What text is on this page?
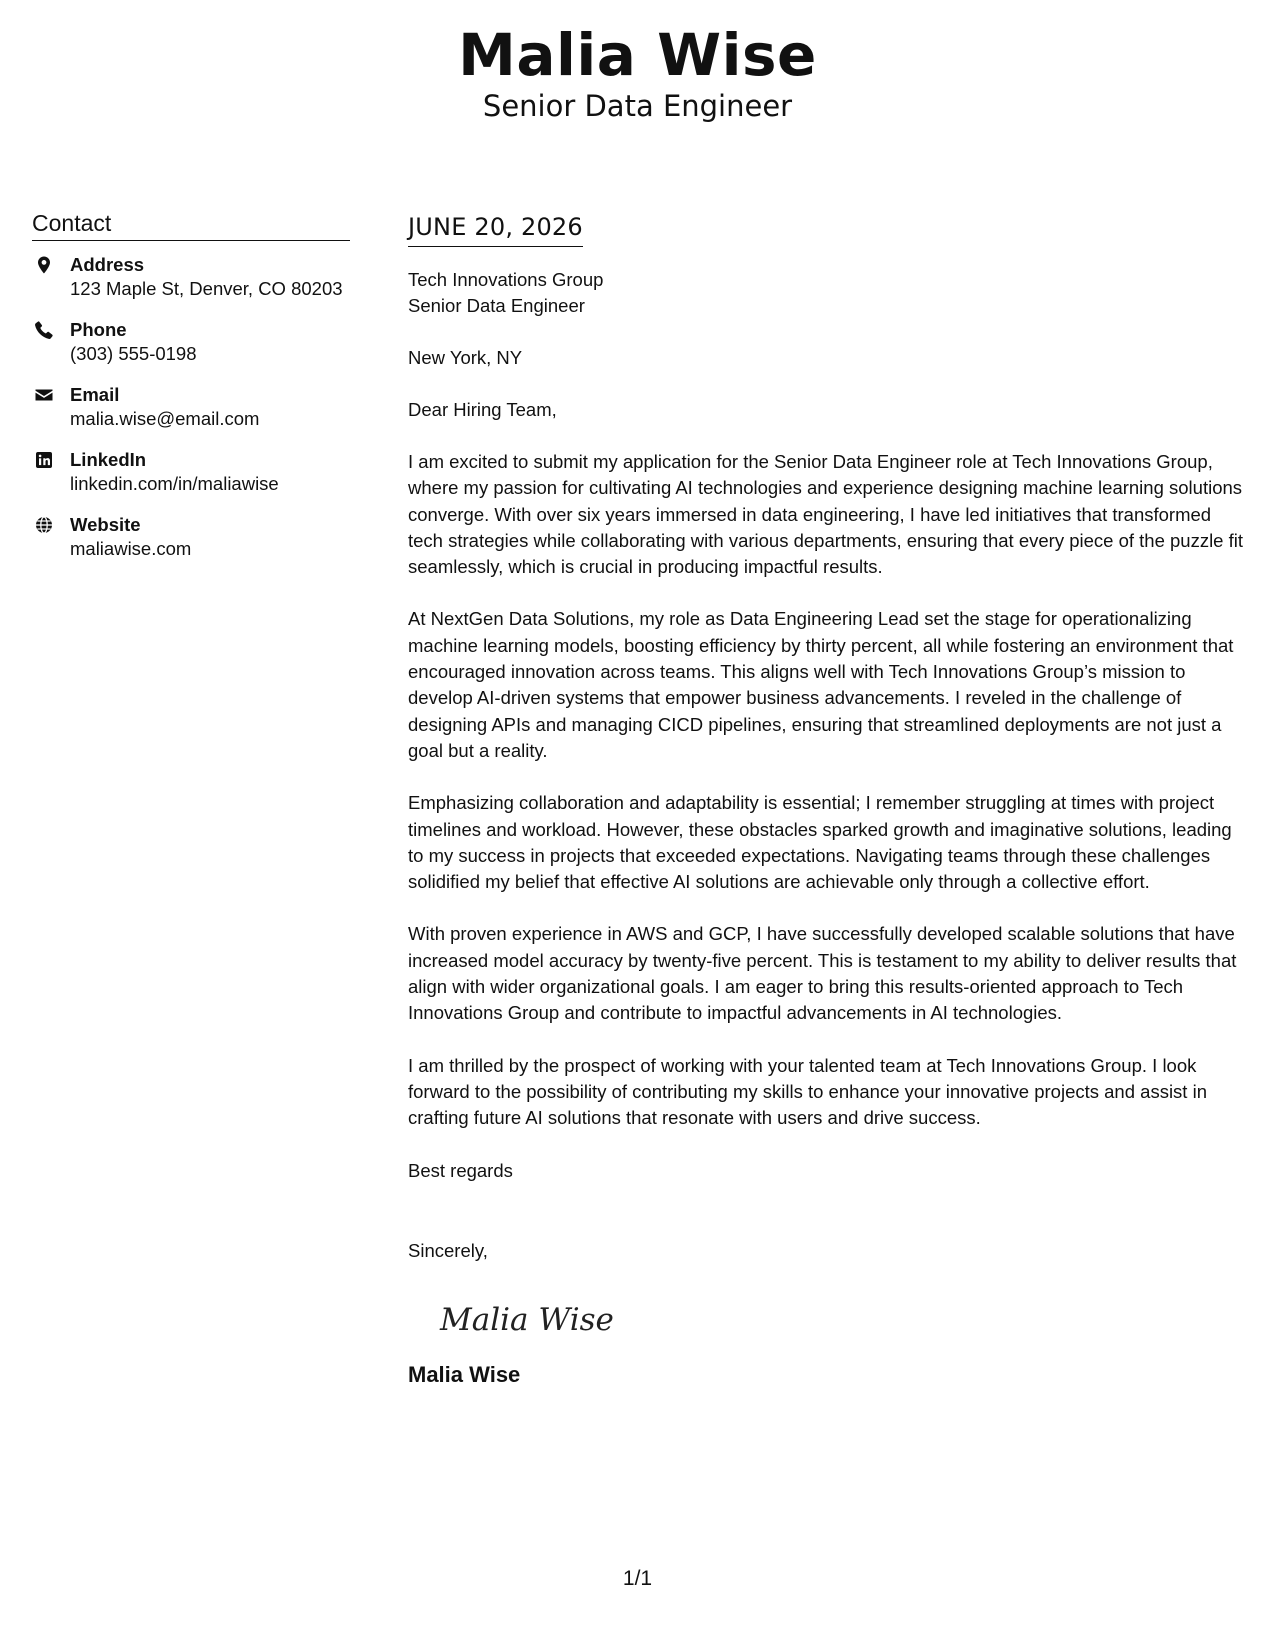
Malia Wise
Senior Data Engineer
Contact
Address
123 Maple St, Denver, CO 80203
Phone
(303) 555-0198
Email
malia.wise@email.com
LinkedIn
linkedin.com/in/maliawise
Website
maliawise.com
JUNE 20, 2026
Tech Innovations Group
Senior Data Engineer
New York, NY
Dear Hiring Team,
I am excited to submit my application for the Senior Data Engineer role at Tech Innovations Group, where my passion for cultivating AI technologies and experience designing machine learning solutions converge. With over six years immersed in data engineering, I have led initiatives that transformed tech strategies while collaborating with various departments, ensuring that every piece of the puzzle fit seamlessly, which is crucial in producing impactful results.
At NextGen Data Solutions, my role as Data Engineering Lead set the stage for operationalizing machine learning models, boosting efficiency by thirty percent, all while fostering an environment that encouraged innovation across teams. This aligns well with Tech Innovations Group’s mission to develop AI-driven systems that empower business advancements. I reveled in the challenge of designing APIs and managing CICD pipelines, ensuring that streamlined deployments are not just a goal but a reality.
Emphasizing collaboration and adaptability is essential; I remember struggling at times with project timelines and workload. However, these obstacles sparked growth and imaginative solutions, leading to my success in projects that exceeded expectations. Navigating teams through these challenges solidified my belief that effective AI solutions are achievable only through a collective effort.
With proven experience in AWS and GCP, I have successfully developed scalable solutions that have increased model accuracy by twenty-five percent. This is testament to my ability to deliver results that align with wider organizational goals. I am eager to bring this results-oriented approach to Tech Innovations Group and contribute to impactful advancements in AI technologies.
I am thrilled by the prospect of working with your talented team at Tech Innovations Group. I look forward to the possibility of contributing my skills to enhance your innovative projects and assist in crafting future AI solutions that resonate with users and drive success.
Best regards
Sincerely,
Malia Wise
Malia Wise
1/1
